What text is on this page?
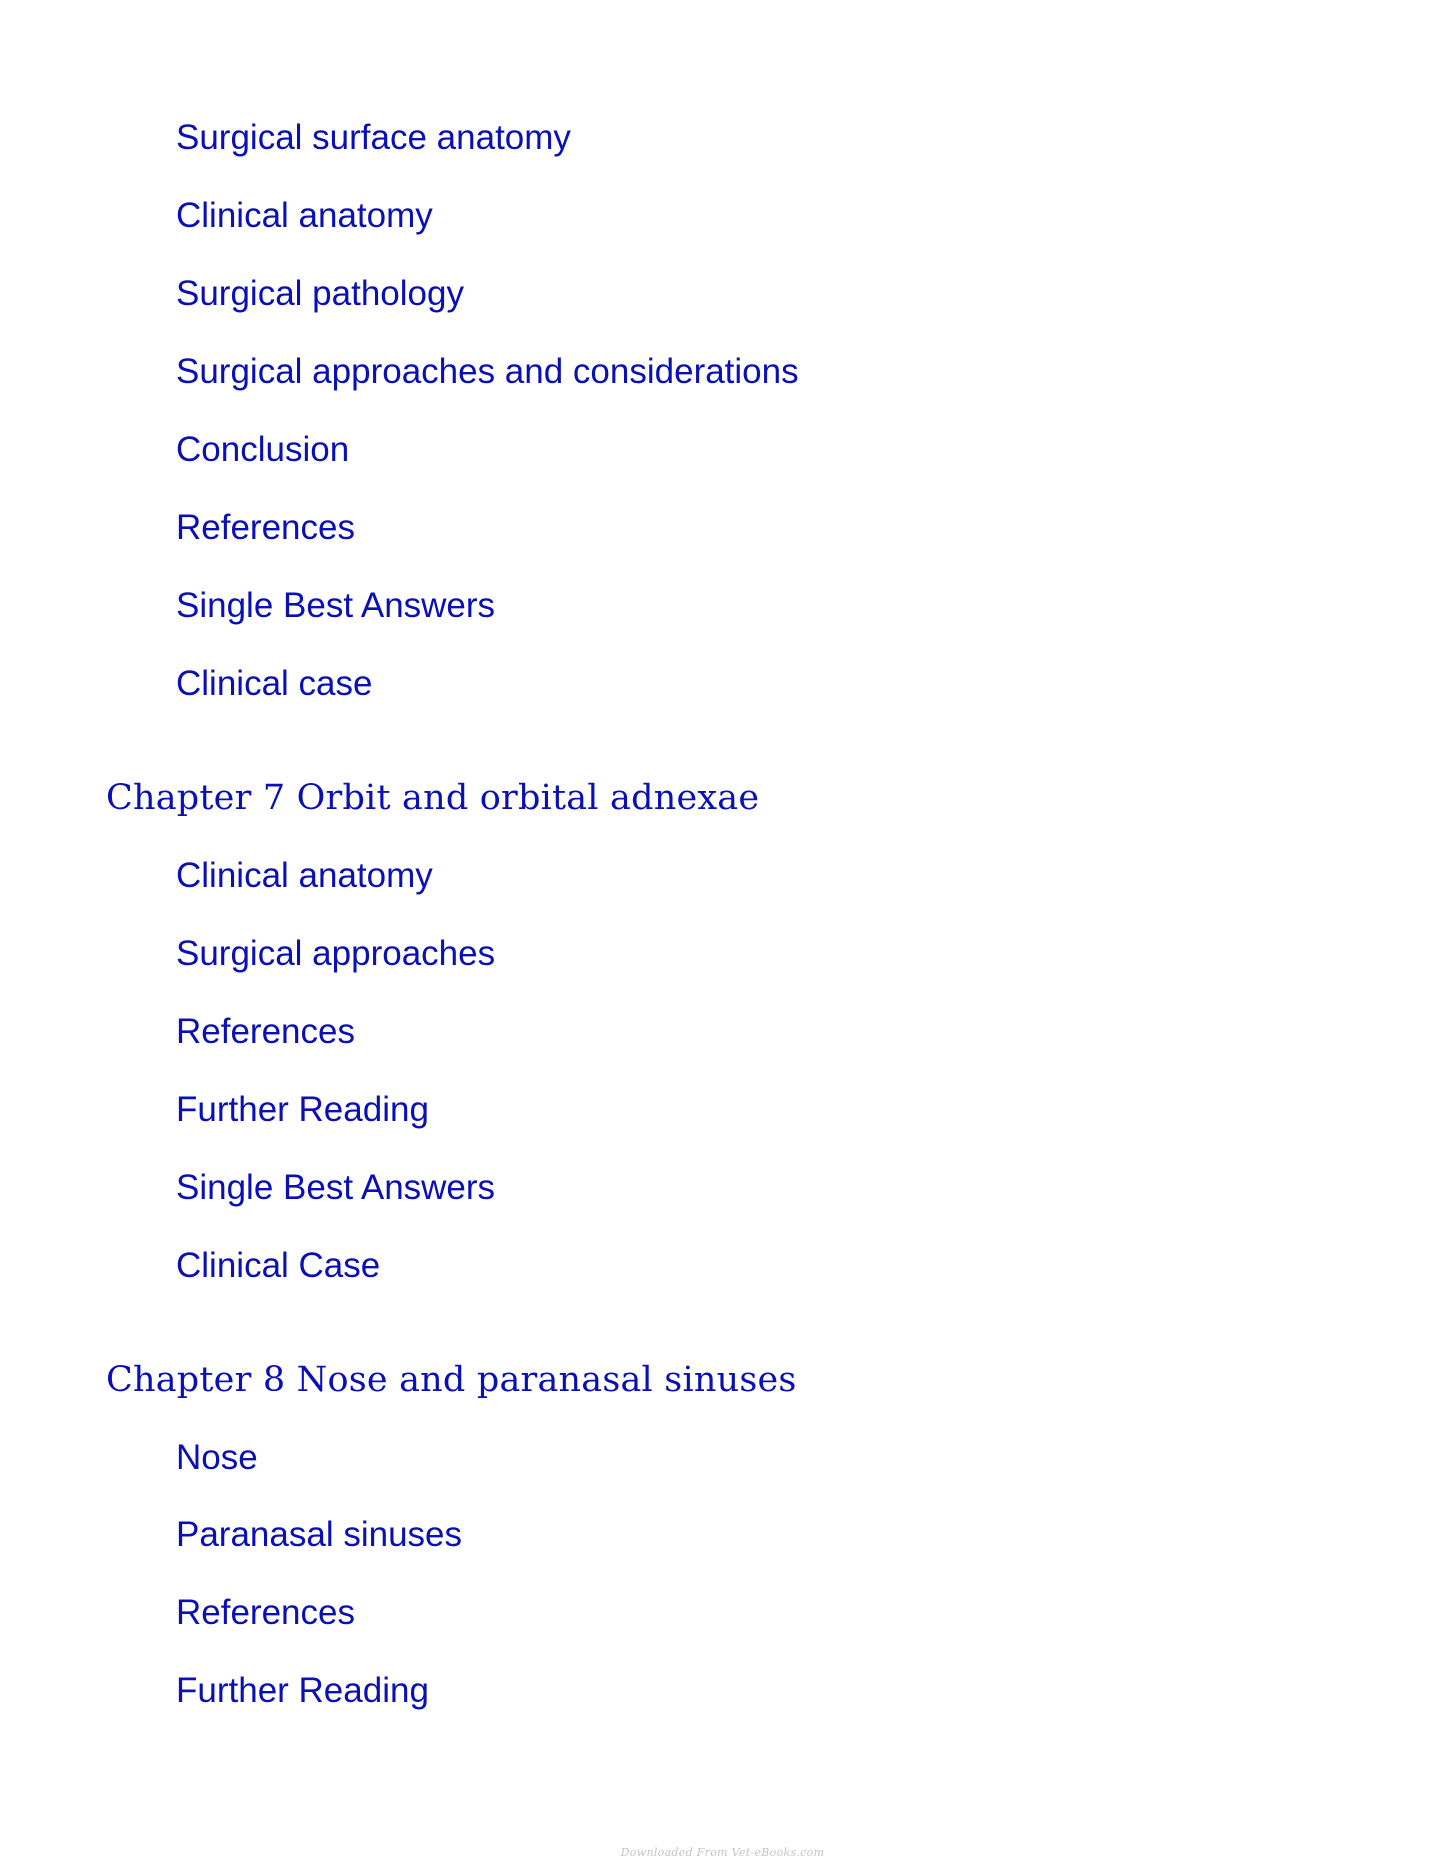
Surgical surface anatomy
Clinical anatomy
Surgical pathology
Surgical approaches and considerations
Conclusion
References
Single Best Answers
Clinical case
Chapter 7 Orbit and orbital adnexae
Clinical anatomy
Surgical approaches
References
Further Reading
Single Best Answers
Clinical Case
Chapter 8 Nose and paranasal sinuses
Nose
Paranasal sinuses
References
Further Reading
Downloaded From Vet-eBooks.com
